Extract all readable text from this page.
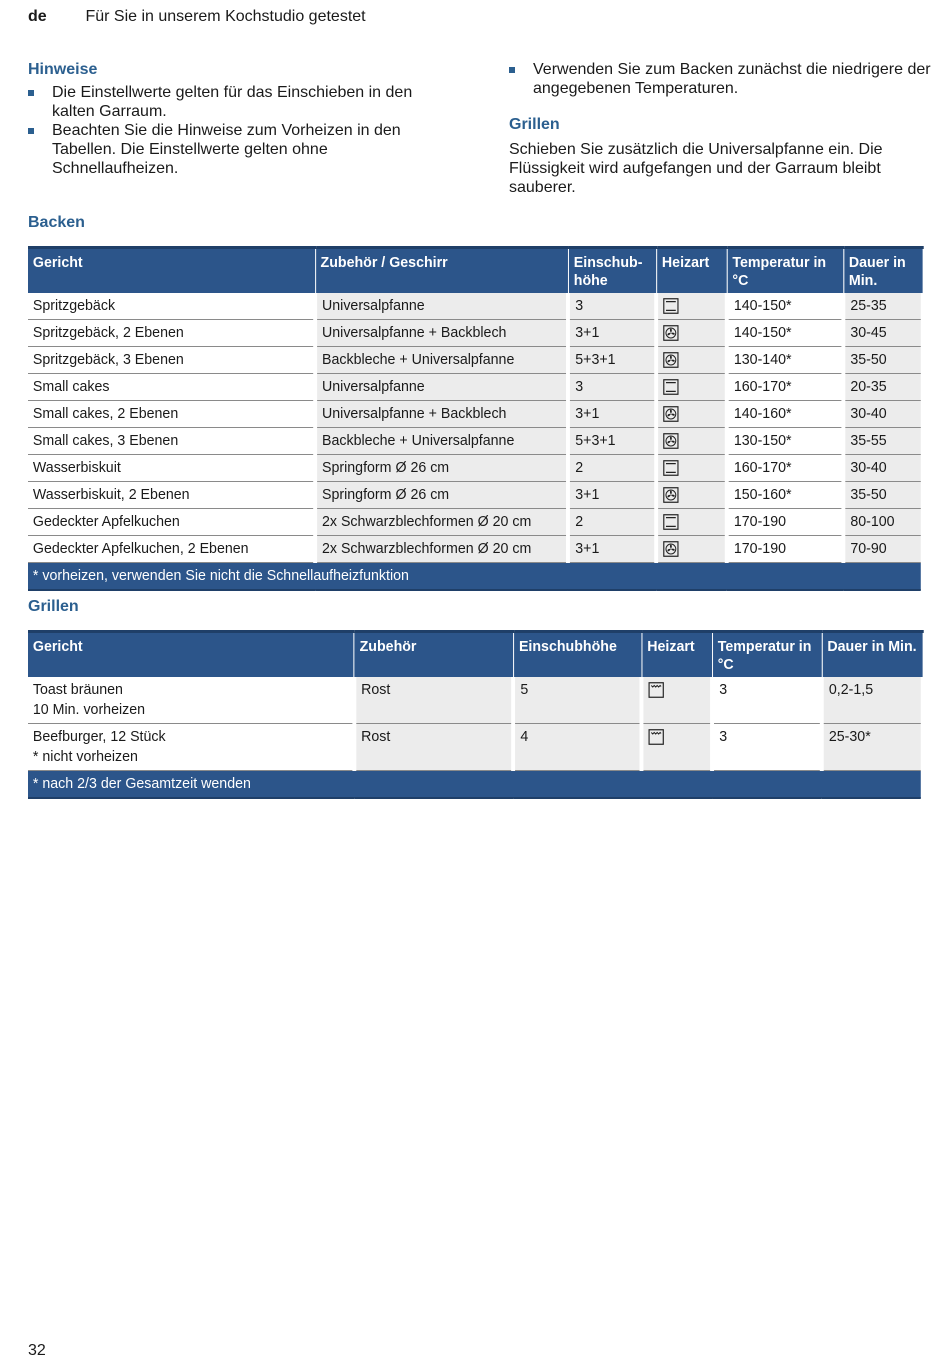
de Für Sie in unserem Kochstudio getestet
Hinweise
Die Einstellwerte gelten für das Einschieben in den kalten Garraum.
Beachten Sie die Hinweise zum Vorheizen in den Tabellen. Die Einstellwerte gelten ohne Schnellaufheizen.
Verwenden Sie zum Backen zunächst die niedrigere der angegebenen Temperaturen.
Grillen

Schieben Sie zusätzlich die Universalpfanne ein. Die Flüssigkeit wird aufgefangen und der Garraum bleibt sauberer.

Backen
Gericht	Zubehör / Geschirr	Einschub-höhe	Heizart	Temperatur in °C	Dauer in Min.
Spritzgebäck	Universalpfanne	3		140-150*	25-35
Spritzgebäck, 2 Ebenen	Universalpfanne + Backblech	3+1		140-150*	30-45
Spritzgebäck, 3 Ebenen	Backbleche + Universalpfanne	5+3+1		130-140*	35-50
Small cakes	Universalpfanne	3		160-170*	20-35
Small cakes, 2 Ebenen	Universalpfanne + Backblech	3+1		140-160*	30-40
Small cakes, 3 Ebenen	Backbleche + Universalpfanne	5+3+1		130-150*	35-55
Wasserbiskuit	Springform Ø 26 cm	2		160-170*	30-40
Wasserbiskuit, 2 Ebenen	Springform Ø 26 cm	3+1		150-160*	35-50
Gedeckter Apfelkuchen	2x Schwarzblechformen Ø 20 cm	2		170-190	80-100
Gedeckter Apfelkuchen, 2 Ebenen	2x Schwarzblechformen Ø 20 cm	3+1		170-190	70-90
* vorheizen, verwenden Sie nicht die Schnellaufheizfunktion					
Grillen
Gericht	Zubehör	Einschubhöhe	Heizart	Temperatur in °C	Dauer in Min.

Toast bräunen
10 Min. vorheizen	Rost	5		3	0,2-1,5

Beefburger, 12 Stück
* nicht vorheizen	Rost	4		3	25-30*
* nach 2/3 der Gesamtzeit wenden					
32
